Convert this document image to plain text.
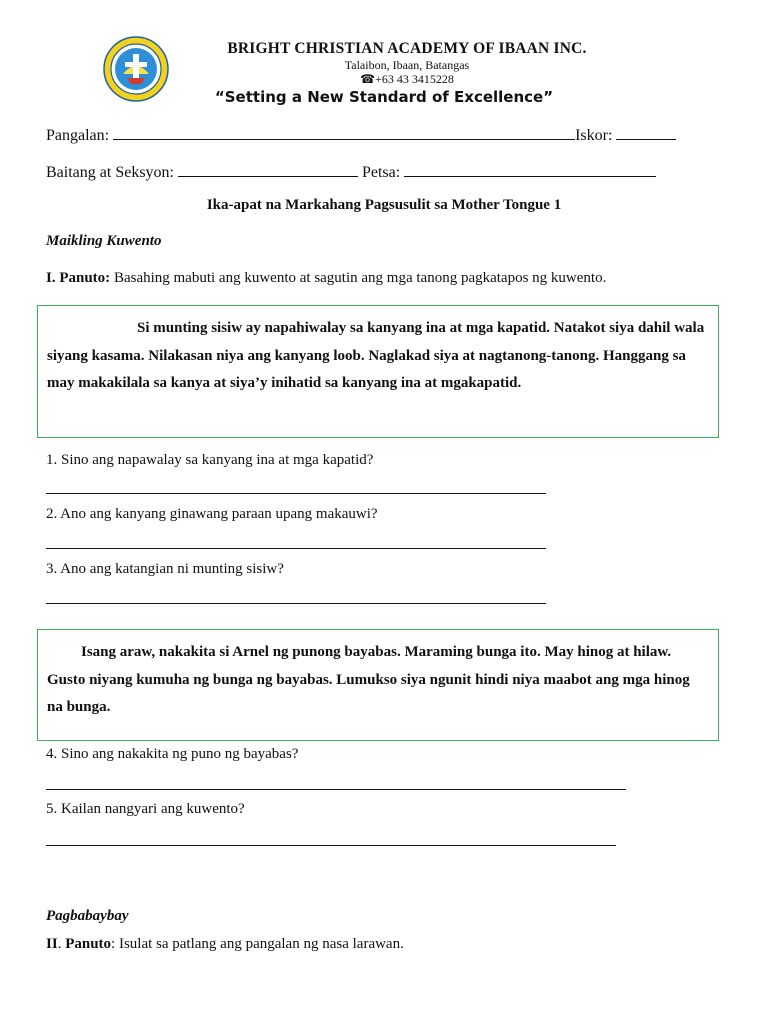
BRIGHT CHRISTIAN ACADEMY OF IBAAN INC.
Talaibon, Ibaan, Batangas
☎+63 43 3415228
“Setting a New Standard of Excellence”
Pangalan:	Iskor:
Baitang at Seksyon:	Petsa:
Ika-apat na Markahang Pagsusulit sa Mother Tongue 1
Maikling Kuwento
I. Panuto: Basahing mabuti ang kuwento at sagutin ang mga tanong pagkatapos ng kuwento.

Si munting sisiw ay napahiwalay sa kanyang ina at mga kapatid. Natakot siya dahil wala siyang kasama. Nilakasan niya ang kanyang loob. Naglakad siya at nagtanong-tanong. Hanggang sa may makakilala sa kanya at siya’y inihatid sa kanyang ina at mgakapatid.

1. Sino ang napawalay sa kanyang ina at mga kapatid?
2. Ano ang kanyang ginawang paraan upang makauwi?
3. Ano ang katangian ni munting sisiw?

Isang araw, nakakita si Arnel ng punong bayabas. Maraming bunga ito. May hinog at hilaw. Gusto niyang kumuha ng bunga ng bayabas. Lumukso siya ngunit hindi niya maabot ang mga hinog na bunga.

4. Sino ang nakakita ng puno ng bayabas?
5. Kailan nangyari ang kuwento?
Pagbabaybay
II. Panuto: Isulat sa patlang ang pangalan ng nasa larawan.
